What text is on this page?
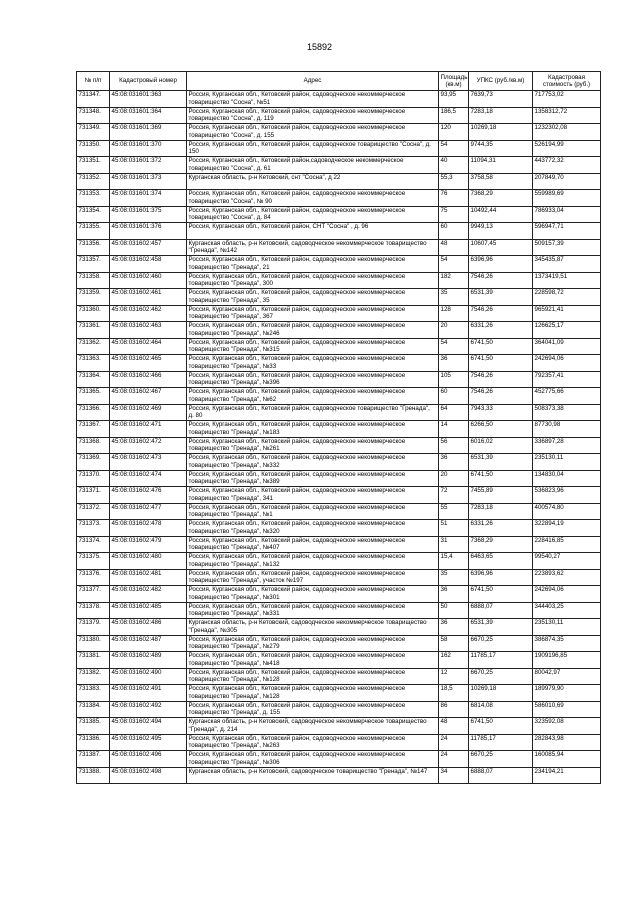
15892
№ п/п	Кадастровый номер	Адрес	Площадь (кв.м)	УПКС (руб./кв.м)	Кадастровая стоимость (руб.)
731347.	45:08:031601:363	Россия, Курганская обл., Кетовский район, садоводческое некоммерческое товарищество "Сосна", №51	93,95	7639,73	717753,02
731348.	45:08:031601:364	Россия, Курганская обл., Кетовский район, садоводческое некоммерческое товарищество "Сосна", д. 119	186,5	7283,18	1358312,72
731349.	45:08:031601:369	Россия, Курганская обл., Кетовский район, садоводческое некоммерческое товарищество "Сосна", д. 155	120	10269,18	1232302,08
731350.	45:08:031601:370	Россия, Курганская обл., Кетовский район, садоводческое товарищество "Сосна", д. 150	54	9744,35	526194,99
731351.	45:08:031601:372	Россия, Курганская обл., Кетовский район,садоводческое некоммерческое товарищество "Сосна", д. 61	40	11094,31	443772,32
731352.	45:08:031601:373	Курганская область, р-н Кетовский, снт "Сосна", д 22	55,3	3758,58	207849,70
731353.	45:08:031601:374	Россия, Курганская обл., Кетовский район, садоводческое некоммерческое товарищество "Сосна", № 90	76	7368,29	559989,69
731354.	45:08:031601:375	Россия, Курганская обл., Кетовский район, садоводческое некоммерческое товарищество "Сосна", д. 84	75	10492,44	786933,04
731355.	45:08:031601:376	Россия, Курганская обл., Кетовский район, СНТ "Сосна" , д. 96	60	9949,13	596947,71
731356.	45:08:031602:457	Курганская область, р-н Кетовский, садоводческое некоммерческое товарищество "Гренада", №142	48	10607,45	509157,39
731357.	45:08:031602:458	Россия, Курганская обл., Кетовский район, садоводческое некоммерческое товарищество "Гренада", 21	54	6396,96	345435,87
731358.	45:08:031602:460	Россия, Курганская обл., Кетовский район, садоводческое некоммерческое товарищество "Гренада", 300	182	7546,26	1373419,51
731359.	45:08:031602:461	Россия, Курганская обл., Кетовский район, садоводческое некоммерческое товарищество "Гренада", 35	35	6531,39	228598,72
731360.	45:08:031602:462	Россия, Курганская обл., Кетовский район, садоводческое некоммерческое товарищество "Гренада", 367	128	7546,26	965921,41
731361.	45:08:031602:463	Россия, Курганская обл., Кетовский район, садоводческое некоммерческое товарищество "Гренада", №246	20	6331,26	126625,17
731362.	45:08:031602:464	Россия, Курганская обл., Кетовский район, садоводческое некоммерческое товарищество "Гренада", №315	54	6741,50	364041,09
731363.	45:08:031602:465	Россия, Курганская обл., Кетовский район, садоводческое некоммерческое товарищество "Гренада", №33	36	6741,50	242694,06
731364.	45:08:031602:466	Россия, Курганская обл., Кетовский район, садоводческое некоммерческое товарищество "Гренада", №396	105	7546,26	792357,41
731365.	45:08:031602:467	Россия, Курганская обл., Кетовский район, садоводческое некоммерческое товарищество "Гренада", №62	60	7546,26	452775,66
731366.	45:08:031602:469	Россия, Курганская обл., Кетовский район, садоводческое товарищество "Гренада", д. 80	64	7943,33	508373,38
731367.	45:08:031602:471	Россия, Курганская обл., Кетовский район, садоводческое некоммерческое товарищество "Гренада", №183	14	6266,50	87730,98
731368.	45:08:031602:472	Россия, Курганская обл., Кетовский район, садоводческое некоммерческое товарищество "Гренада", №261	56	6016,02	336897,28
731369.	45:08:031602:473	Россия, Курганская обл., Кетовский район, садоводческое некоммерческое товарищество "Гренада", №332	36	6531,39	235130,11
731370.	45:08:031602:474	Россия, Курганская обл., Кетовский район, садоводческое некоммерческое товарищество "Гренада", №389	20	6741,50	134830,04
731371.	45:08:031602:476	Россия, Курганская обл., Кетовский район, садоводческое некоммерческое товарищество "Гренада", 341	72	7455,89	536823,96
731372.	45:08:031602:477	Россия, Курганская обл., Кетовский район, садоводческое некоммерческое товарищество "Гренада", №1	55	7283,18	400574,80
731373.	45:08:031602:478	Россия, Курганская обл., Кетовский район, садоводческое некоммерческое товарищество "Гренада", №320	51	6331,26	322894,19
731374.	45:08:031602:479	Россия, Курганская обл., Кетовский район, садоводческое некоммерческое товарищество "Гренада", №407	31	7368,29	228416,85
731375.	45:08:031602:480	Россия, Курганская обл., Кетовский район, садоводческое некоммерческое товарищество "Гренада", №132	15,4	6463,65	99540,27
731376.	45:08:031602:481	Россия, Курганская обл., Кетовский район, садоводческое некоммерческое товарищество "Гренада", участок №197	35	6396,96	223893,62
731377.	45:08:031602:482	Россия, Курганская обл., Кетовский район, садоводческое некоммерческое товарищество "Гренада", №301	36	6741,50	242694,06
731378.	45:08:031602:485	Россия, Курганская обл., Кетовский район, садоводческое некоммерческое товарищество "Гренада", №331	50	6888,07	344403,25
731379.	45:08:031602:486	Курганская область, р-н Кетовский, садоводческое некоммерческое товарищество "Гренада", №305	36	6531,39	235130,11
731380.	45:08:031602:487	Россия, Курганская обл., Кетовский район, садоводческое некоммерческое товарищество "Гренада", №279	58	6670,25	386874,35
731381.	45:08:031602:489	Россия, Курганская обл., Кетовский район, садоводческое некоммерческое товарищество "Гренада", №418	162	11785,17	1909196,85
731382.	45:08:031602:490	Россия, Курганская обл., Кетовский район, садоводческое некоммерческое товарищество "Гренада", №128	12	6670,25	80042,97
731383.	45:08:031602:491	Россия, Курганская обл., Кетовский район, садоводческое некоммерческое товарищество "Гренада", №128	18,5	10269,18	189979,90
731384.	45:08:031602:492	Россия, Курганская обл., Кетовский район, садоводческое некоммерческое товарищество "Гренада", д. 155	86	6814,08	586010,69
731385.	45:08:031602:494	Курганская область, р-н Кетовский, садоводческое некоммерческое товарищество "Гренада", д. 214	48	6741,50	323592,08
731386.	45:08:031602:495	Россия, Курганская обл., Кетовский район, садоводческое некоммерческое товарищество "Гренада", №263	24	11785,17	282843,98
731387.	45:08:031602:496	Россия, Курганская обл., Кетовский район, садоводческое некоммерческое товарищество "Гренада", №306	24	6670,25	160085,94
731388.	45:08:031602:498	Курганская область, р-н Кетовский, садоводческое товарищество "Гренада", №147	34	6888,07	234194,21
